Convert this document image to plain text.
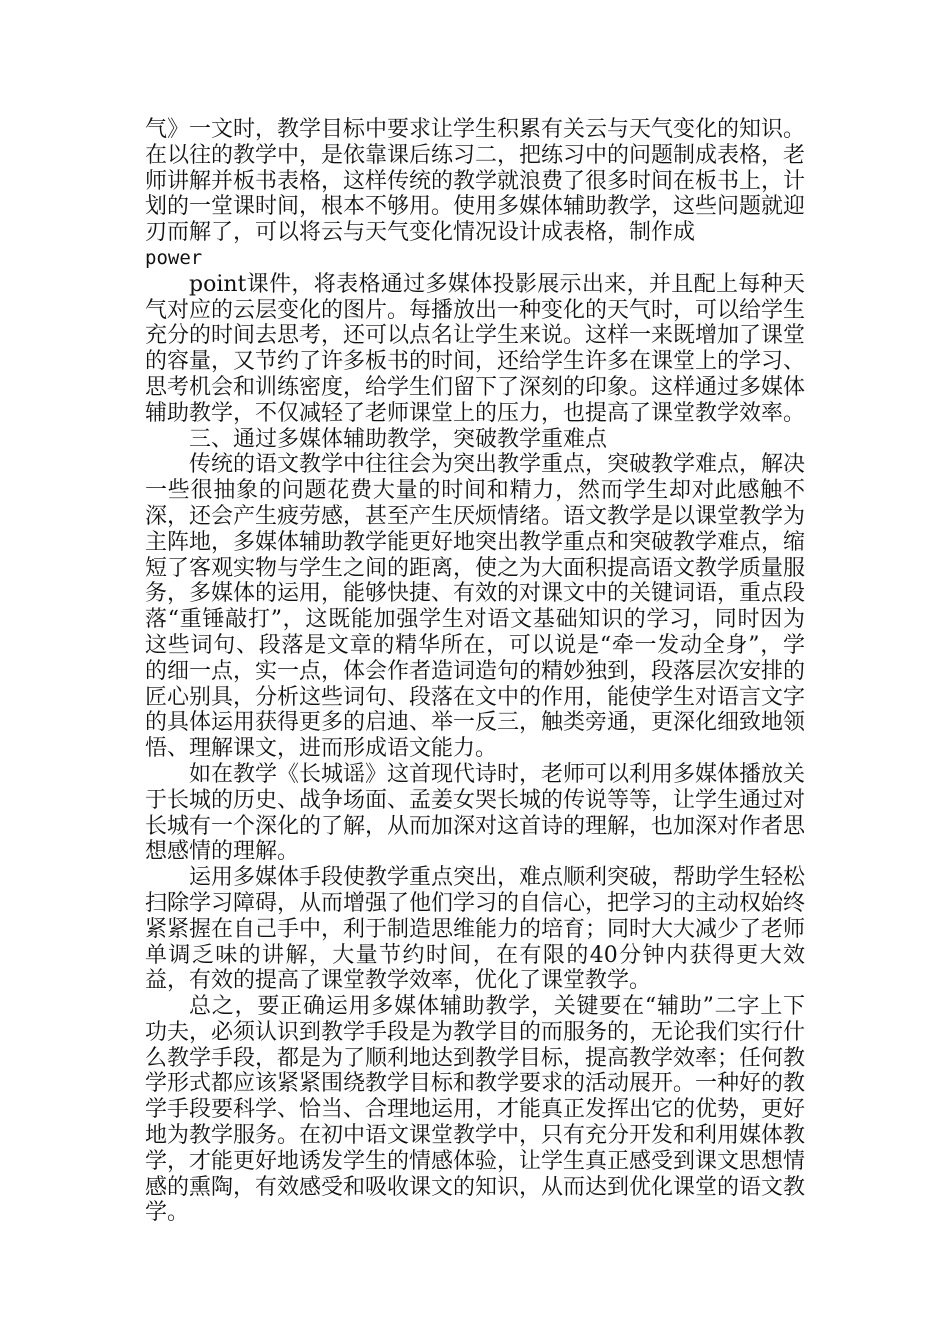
气》一文时，教学目标中要求让学生积累有关云与天气变化的知识。在以往的教学中，是依靠课后练习二，把练习中的问题制成表格，老师讲解并板书表格，这样传统的教学就浪费了很多时间在板书上，计划的一堂课时间，根本不够用。使用多媒体辅助教学，这些问题就迎刃而解了，可以将云与天气变化情况设计成表格，制作成

power

point课件，将表格通过多媒体投影展示出来，并且配上每种天气对应的云层变化的图片。每播放出一种变化的天气时，可以给学生充分的时间去思考，还可以点名让学生来说。这样一来既增加了课堂的容量，又节约了许多板书的时间，还给学生许多在课堂上的学习、思考机会和训练密度，给学生们留下了深刻的印象。这样通过多媒体辅助教学，不仅减轻了老师课堂上的压力，也提高了课堂教学效率。

三、通过多媒体辅助教学，突破教学重难点

传统的语文教学中往往会为突出教学重点，突破教学难点，解决一些很抽象的问题花费大量的时间和精力，然而学生却对此感触不深，还会产生疲劳感，甚至产生厌烦情绪。语文教学是以课堂教学为主阵地，多媒体辅助教学能更好地突出教学重点和突破教学难点，缩短了客观实物与学生之间的距离，使之为大面积提高语文教学质量服务，多媒体的运用，能够快捷、有效的对课文中的关键词语，重点段落“重锤敲打”，这既能加强学生对语文基础知识的学习，同时因为这些词句、段落是文章的精华所在，可以说是“牵一发动全身”，学的细一点，实一点，体会作者造词造句的精妙独到，段落层次安排的匠心别具，分析这些词句、段落在文中的作用，能使学生对语言文字的具体运用获得更多的启迪、举一反三，触类旁通，更深化细致地领悟、理解课文，进而形成语文能力。

如在教学《长城谣》这首现代诗时，老师可以利用多媒体播放关于长城的历史、战争场面、孟姜女哭长城的传说等等，让学生通过对长城有一个深化的了解，从而加深对这首诗的理解，也加深对作者思想感情的理解。

运用多媒体手段使教学重点突出，难点顺利突破，帮助学生轻松扫除学习障碍，从而增强了他们学习的自信心，把学习的主动权始终紧紧握在自己手中，利于制造思维能力的培育；同时大大减少了老师单调乏味的讲解，大量节约时间，在有限的40分钟内获得更大效益，有效的提高了课堂教学效率，优化了课堂教学。

总之，要正确运用多媒体辅助教学，关键要在“辅助”二字上下功夫，必须认识到教学手段是为教学目的而服务的，无论我们实行什么教学手段，都是为了顺利地达到教学目标，提高教学效率；任何教学形式都应该紧紧围绕教学目标和教学要求的活动展开。一种好的教学手段要科学、恰当、合理地运用，才能真正发挥出它的优势，更好地为教学服务。在初中语文课堂教学中，只有充分开发和利用媒体教学，才能更好地诱发学生的情感体验，让学生真正感受到课文思想情感的熏陶，有效感受和吸收课文的知识，从而达到优化课堂的语文教学。
